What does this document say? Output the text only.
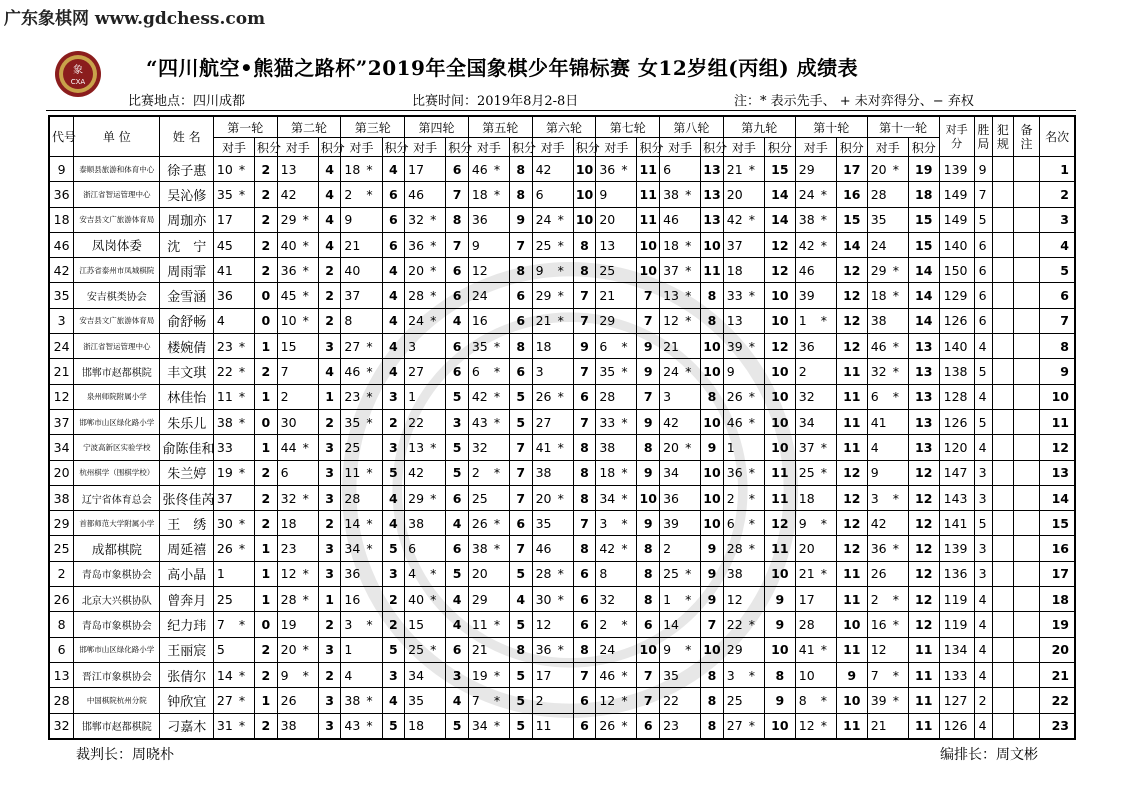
广东象棋网 www.gdchess.com
象
CXA
“四川航空•熊猫之路杯”2019年全国象棋少年锦标赛 女12岁组(丙组) 成绩表
比赛地点：四川成都	比赛时间：2019年8月2-8日	注：* 表示先手、 + 未对弈得分、− 弃权
代号	单 位	姓 名	第一轮		第二轮		第三轮		第四轮		第五轮		第六轮		第七轮		第八轮		第九轮		第十轮		第十一轮		对手分	胜局	犯规	备注	名次
			对手	积分	对手	积分	对手	积分	对手	积分	对手	积分	对手	积分	对手	积分	对手	积分	对手	积分	对手	积分	对手	积分					
9	泰顺县旅游和体育中心	徐子惠	10 *	2	13	4	18 *	4	17	6	46 *	8	42	10	36 *	11	6	13	21 *	15	29	17	20 *	19	139	9			1
36	浙江省智运管理中心	吴沁修	35 *	2	42	4	2 *	6	46	7	18 *	8	6	10	9	11	38 *	13	20	14	24 *	16	28	18	149	7			2
18	安吉县文广旅游体育局	周珈亦	17	2	29 *	4	9	6	32 *	8	36	9	24 *	10	20	11	46	13	42 *	14	38 *	15	35	15	149	5			3
46	凤岗体委	沈　宁	45	2	40 *	4	21	6	36 *	7	9	7	25 *	8	13	10	18 *	10	37	12	42 *	14	24	15	140	6			4
42	江苏省泰州市凤城棋院	周雨霏	41	2	36 *	2	40	4	20 *	6	12	8	9 *	8	25	10	37 *	11	18	12	46	12	29 *	14	150	6			5
35	安吉棋类协会	金雪涵	36	0	45 *	2	37	4	28 *	6	24	6	29 *	7	21	7	13 *	8	33 *	10	39	12	18 *	14	129	6			6
3	安吉县文广旅游体育局	俞舒畅	4	0	10 *	2	8	4	24 *	4	16	6	21 *	7	29	7	12 *	8	13	10	1 *	12	38	14	126	6			7
24	浙江省智运管理中心	楼婉倩	23 *	1	15	3	27 *	4	3	6	35 *	8	18	9	6 *	9	21	10	39 *	12	36	12	46 *	13	140	4			8
21	邯郸市赵都棋院	丰文琪	22 *	2	7	4	46 *	4	27	6	6 *	6	3	7	35 *	9	24 *	10	9	10	2	11	32 *	13	138	5			9
12	泉州师院附属小学	林佳怡	11 *	1	2	1	23 *	3	1	5	42 *	5	26 *	6	28	7	3	8	26 *	10	32	11	6 *	13	128	4			10
37	邯郸市山区绿化路小学	朱乐儿	38 *	0	30	2	35 *	2	22	3	43 *	5	27	7	33 *	9	42	10	46 *	10	34	11	41	13	126	5			11
34	宁波高新区实验学校	俞陈佳和	33	1	44 *	3	25	3	13 *	5	32	7	41 *	8	38	8	20 *	9	1	10	37 *	11	4	13	120	4			12
20	杭州棋学（围棋学校）	朱兰婷	19 *	2	6	3	11 *	5	42	5	2 *	7	38	8	18 *	9	34	10	36 *	11	25 *	12	9	12	147	3			13
38	辽宁省体育总会	张佟佳芮	37	2	32 *	3	28	4	29 *	6	25	7	20 *	8	34 *	10	36	10	2 *	11	18	12	3 *	12	143	3			14
29	首都师范大学附属小学	王　绣	30 *	2	18	2	14 *	4	38	4	26 *	6	35	7	3 *	9	39	10	6 *	12	9 *	12	42	12	141	5			15
25	成都棋院	周延禧	26 *	1	23	3	34 *	5	6	6	38 *	7	46	8	42 *	8	2	9	28 *	11	20	12	36 *	12	139	3			16
2	青岛市象棋协会	高小晶	1	1	12 *	3	36	3	4 *	5	20	5	28 *	6	8	8	25 *	9	38	10	21 *	11	26	12	136	3			17
26	北京大兴棋协队	曾奔月	25	1	28 *	1	16	2	40 *	4	29	4	30 *	6	32	8	1 *	9	12	9	17	11	2 *	12	119	4			18
8	青岛市象棋协会	纪力玮	7 *	0	19	2	3 *	2	15	4	11 *	5	12	6	2 *	6	14	7	22 *	9	28	10	16 *	12	119	4			19
6	邯郸市山区绿化路小学	王丽宸	5	2	20 *	3	1	5	25 *	6	21	8	36 *	8	24	10	9 *	10	29	10	41 *	11	12	11	134	4			20
13	晋江市象棋协会	张倩尔	14 *	2	9 *	2	4	3	34	3	19 *	5	17	7	46 *	7	35	8	3 *	8	10	9	7 *	11	133	4			21
28	中国棋院杭州分院	钟欣宜	27 *	1	26	3	38 *	4	35	4	7 *	5	2	6	12 *	7	22	8	25	9	8 *	10	39 *	11	127	2			22
32	邯郸市赵都棋院	刁嘉木	31 *	2	38	3	43 *	5	18	5	34 *	5	11	6	26 *	6	23	8	27 *	10	12 *	11	21	11	126	4			23
裁判长：周晓朴	编排长：周文彬
